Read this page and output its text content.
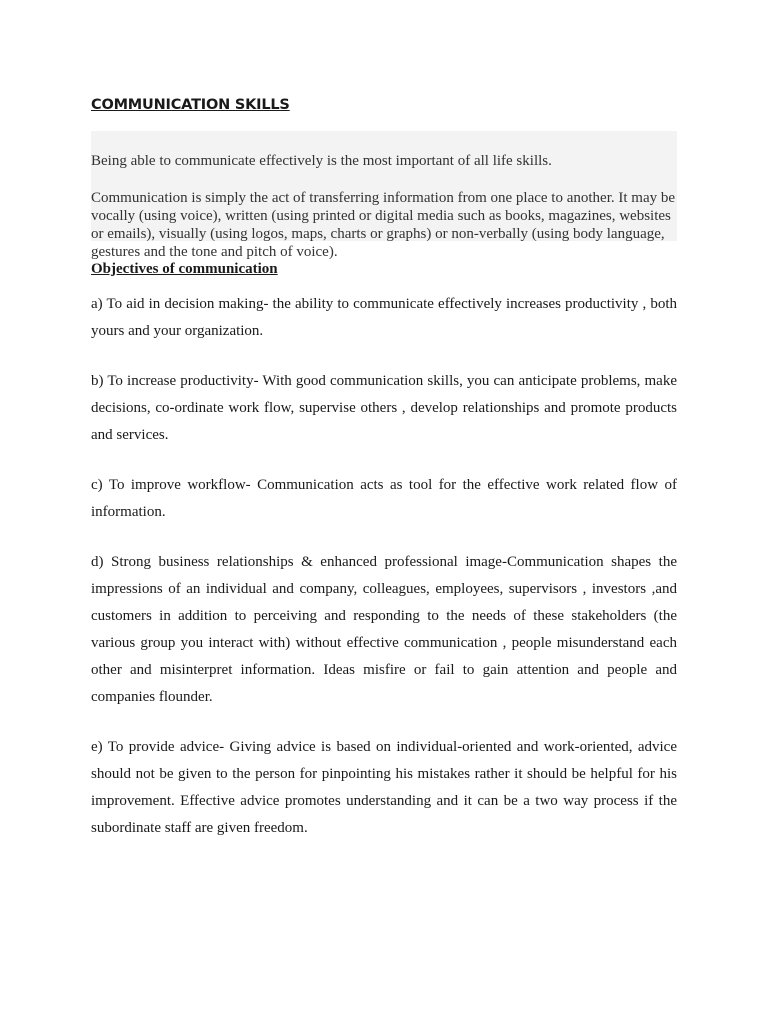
COMMUNICATION SKILLS

Being able to communicate effectively is the most important of all life skills.

Communication is simply the act of transferring information from one place to another. It may be vocally (using voice), written (using printed or digital media such as books, magazines, websites or emails), visually (using logos, maps, charts or graphs) or non-verbally (using body language, gestures and the tone and pitch of voice).

Objectives of communication

a) To aid in decision making- the ability to communicate effectively increases productivity , both yours and your organization.

b) To increase productivity- With good communication skills, you can anticipate problems, make decisions, co-ordinate work flow, supervise others , develop relationships and promote products and services.

c) To improve workflow- Communication acts as tool for the effective work related flow of information.

d) Strong business relationships & enhanced professional image-Communication shapes the impressions of an individual and company, colleagues, employees, supervisors , investors ,and customers in addition to perceiving and responding to the needs of these stakeholders (the various group you interact with) without effective communication , people misunderstand each other and misinterpret information. Ideas misfire or fail to gain attention and people and companies flounder.

e) To provide advice- Giving advice is based on individual-oriented and work-oriented, advice should not be given to the person for pinpointing his mistakes rather it should be helpful for his improvement. Effective advice promotes understanding and it can be a two way process if the subordinate staff are given freedom.
